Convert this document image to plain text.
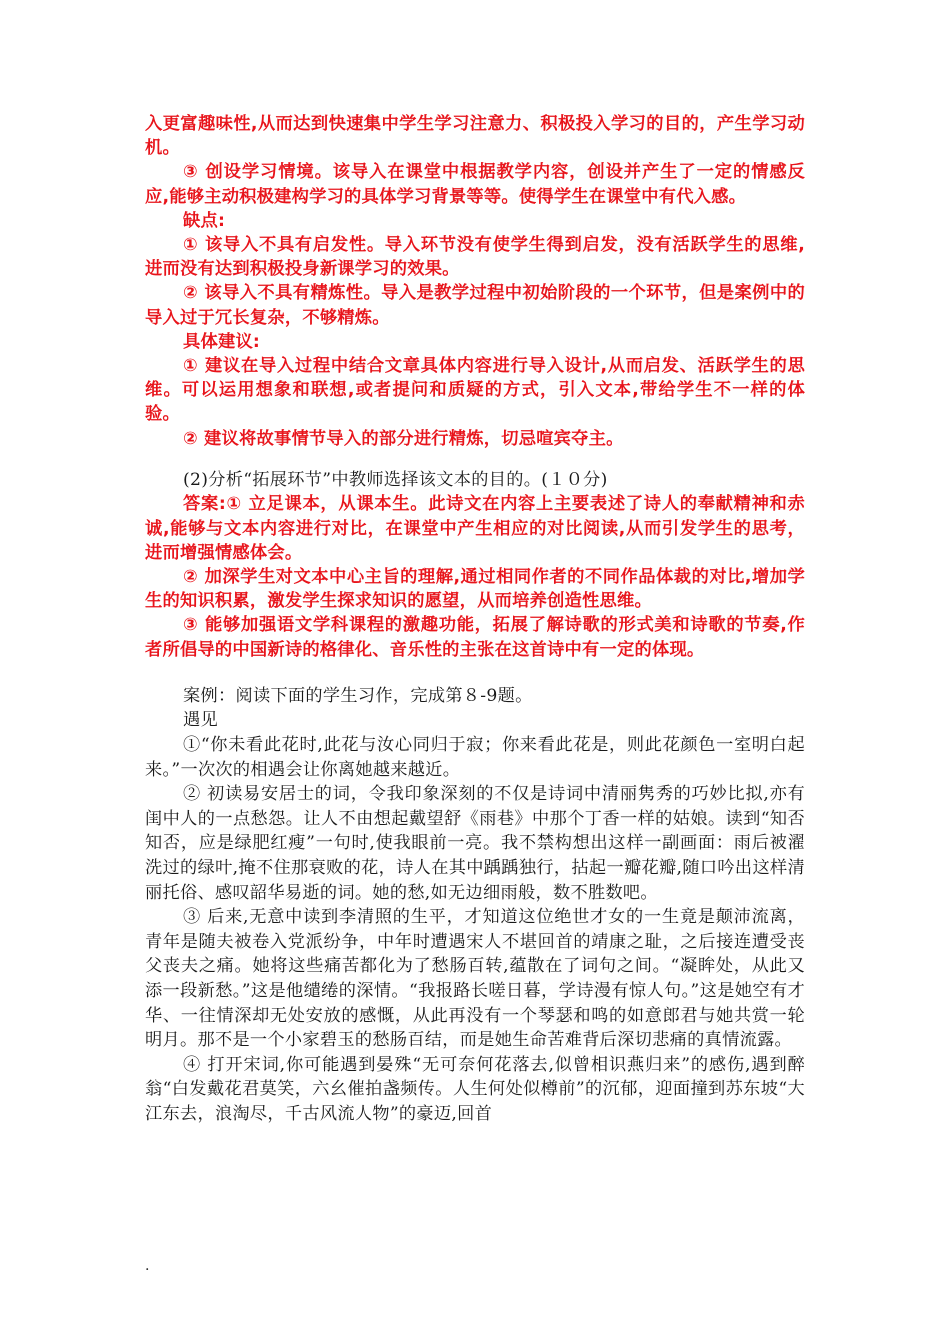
入更富趣味性,从而达到快速集中学生学习注意力、积极投入学习的目的，产生学习动机。

③ 创设学习情境。该导入在课堂中根据教学内容，创设并产生了一定的情感反应,能够主动积极建构学习的具体学习背景等等。使得学生在课堂中有代入感。

缺点:

① 该导入不具有启发性。导入环节没有使学生得到启发，没有活跃学生的思维,进而没有达到积极投身新课学习的效果。

② 该导入不具有精炼性。导入是教学过程中初始阶段的一个环节，但是案例中的导入过于冗长复杂，不够精炼。

具体建议:

① 建议在导入过程中结合文章具体内容进行导入设计,从而启发、活跃学生的思维。可以运用想象和联想,或者提问和质疑的方式，引入文本,带给学生不一样的体验。

② 建议将故事情节导入的部分进行精炼，切忌喧宾夺主。

(2)分析“拓展环节”中教师选择该文本的目的。(１０分)

答案:① 立足课本，从课本生。此诗文在内容上主要表述了诗人的奉献精神和赤诚,能够与文本内容进行对比，在课堂中产生相应的对比阅读,从而引发学生的思考，进而增强情感体会。

② 加深学生对文本中心主旨的理解,通过相同作者的不同作品体裁的对比,增加学生的知识积累，激发学生探求知识的愿望，从而培养创造性思维。

③ 能够加强语文学科课程的激趣功能，拓展了解诗歌的形式美和诗歌的节奏,作者所倡导的中国新诗的格律化、音乐性的主张在这首诗中有一定的体现。

案例：阅读下面的学生习作，完成第８-9题。

遇见

①“你未看此花时,此花与汝心同归于寂；你来看此花是，则此花颜色一室明白起来。”一次次的相遇会让你离她越来越近。

② 初读易安居士的词，令我印象深刻的不仅是诗词中清丽隽秀的巧妙比拟,亦有闺中人的一点愁怨。让人不由想起戴望舒《雨巷》中那个丁香一样的姑娘。读到“知否知否，应是绿肥红瘦”一句时,使我眼前一亮。我不禁构想出这样一副画面：雨后被濯洗过的绿叶,掩不住那衰败的花，诗人在其中踽踽独行，拈起一瓣花瓣,随口吟出这样清丽托俗、感叹韶华易逝的词。她的愁,如无边细雨般，数不胜数吧。

③ 后来,无意中读到李清照的生平，才知道这位绝世才女的一生竟是颠沛流离，青年是随夫被卷入党派纷争，中年时遭遇宋人不堪回首的靖康之耻，之后接连遭受丧父丧夫之痛。她将这些痛苦都化为了愁肠百转,蕴散在了词句之间。“凝眸处，从此又添一段新愁。”这是他缱绻的深情。“我报路长嗟日暮，学诗漫有惊人句。”这是她空有才华、一往情深却无处安放的感慨，从此再没有一个琴瑟和鸣的如意郎君与她共赏一轮明月。那不是一个小家碧玉的愁肠百结，而是她生命苦难背后深切悲痛的真情流露。

④ 打开宋词,你可能遇到晏殊“无可奈何花落去,似曾相识燕归来”的感伤,遇到醉翁“白发戴花君莫笑，六幺催拍盏频传。人生何处似樽前”的沉郁，迎面撞到苏东坡“大江东去，浪淘尽，千古风流人物”的豪迈,回首

.
